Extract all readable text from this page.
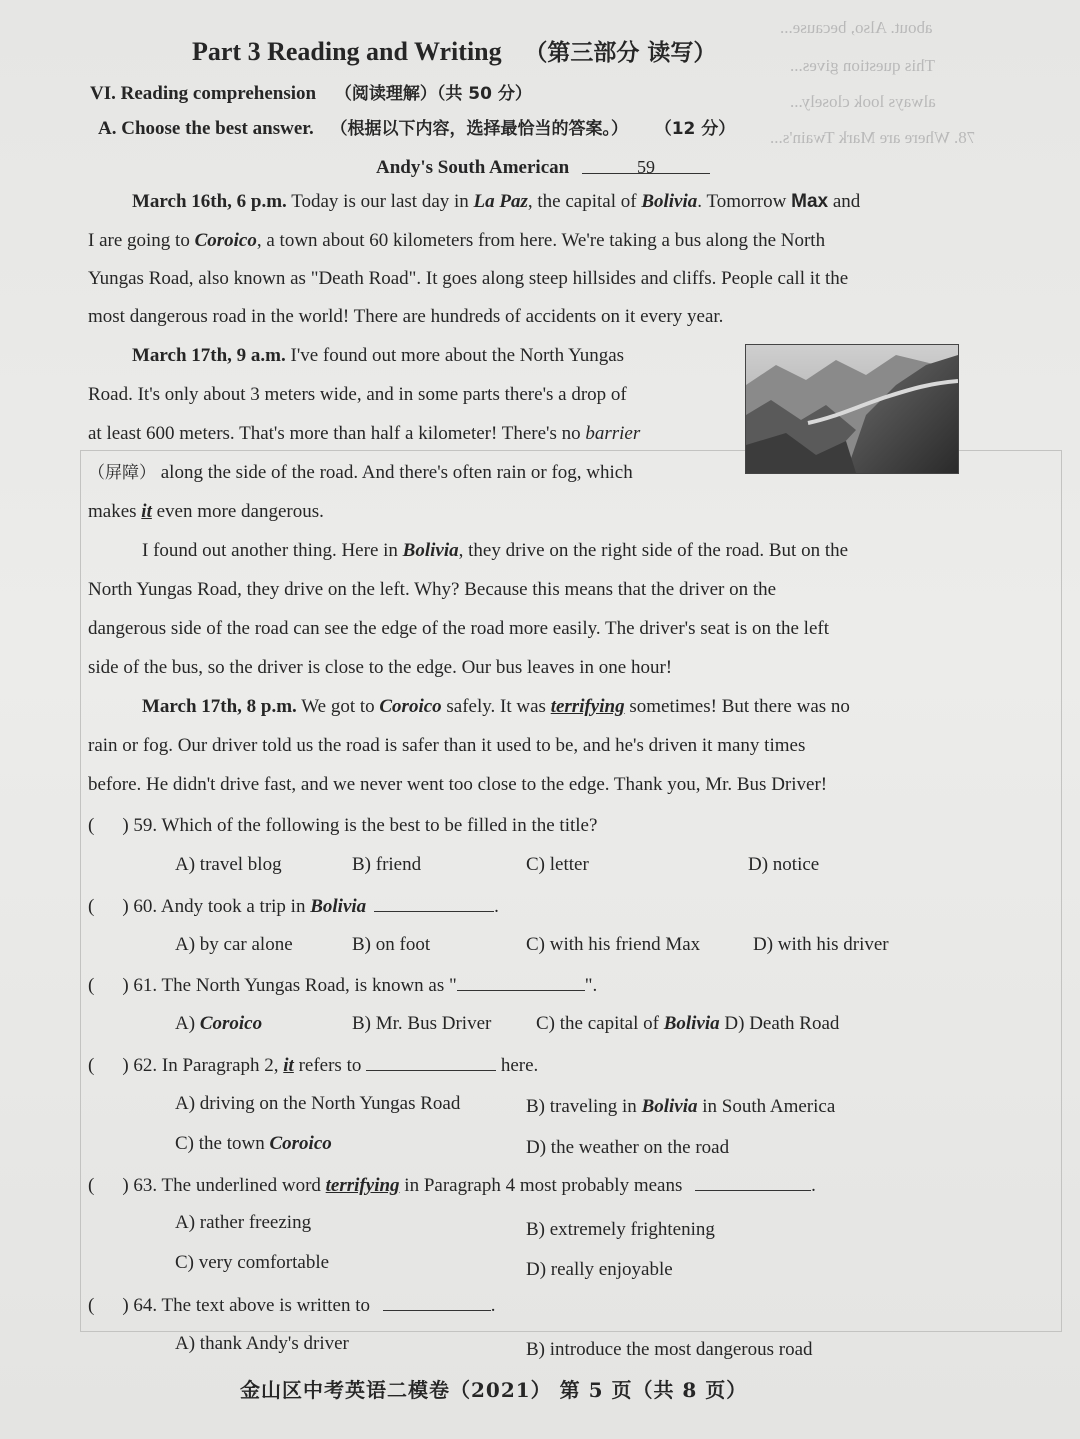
about. Also, because...
This question gives...
always look closely...
78. Where are Mark Twain's...
Part 3 Reading and Writing （第三部分 读写）
VI. Reading comprehension （阅读理解）（共 50 分）
A. Choose the best answer. （根据以下内容，选择最恰当的答案。） （12 分）
Andy's South American	59
March 16th, 6 p.m. Today is our last day in La Paz, the capital of Bolivia. Tomorrow Max and
I are going to Coroico, a town about 60 kilometers from here. We're taking a bus along the North
Yungas Road, also known as "Death Road". It goes along steep hillsides and cliffs. People call it the
most dangerous road in the world! There are hundreds of accidents on it every year.
March 17th, 9 a.m. I've found out more about the North Yungas
Road. It's only about 3 meters wide, and in some parts there's a drop of
at least 600 meters. That's more than half a kilometer! There's no barrier
（屏障） along the side of the road. And there's often rain or fog, which
makes it even more dangerous.
I found out another thing. Here in Bolivia, they drive on the right side of the road. But on the
North Yungas Road, they drive on the left. Why? Because this means that the driver on the
dangerous side of the road can see the edge of the road more easily. The driver's seat is on the left
side of the bus, so the driver is close to the edge. Our bus leaves in one hour!
March 17th, 8 p.m. We got to Coroico safely. It was terrifying sometimes! But there was no
rain or fog. Our driver told us the road is safer than it used to be, and he's driven it many times
before. He didn't drive fast, and we never went too close to the edge. Thank you, Mr. Bus Driver!
( ) 59. Which of the following is the best to be filled in the title?
A) travel blog	B) friend	C) letter	D) notice
( ) 60. Andy took a trip in Bolivia	.
A) by car alone	B) on foot	C) with his friend Max	D) with his driver
( ) 61. The North Yungas Road, is known as "	".
A) Coroico	B) Mr. Bus Driver C) the capital of Bolivia D) Death Road
( ) 62. In Paragraph 2, it refers to	here.
A) driving on the North Yungas Road	B) traveling in Bolivia in South America
C) the town Coroico	D) the weather on the road
( ) 63. The underlined word terrifying in Paragraph 4 most probably means	.
A) rather freezing	B) extremely frightening
C) very comfortable	D) really enjoyable
( ) 64. The text above is written to	.
A) thank Andy's driver	B) introduce the most dangerous road
金山区中考英语二模卷（2021） 第 5 页（共 8 页）
